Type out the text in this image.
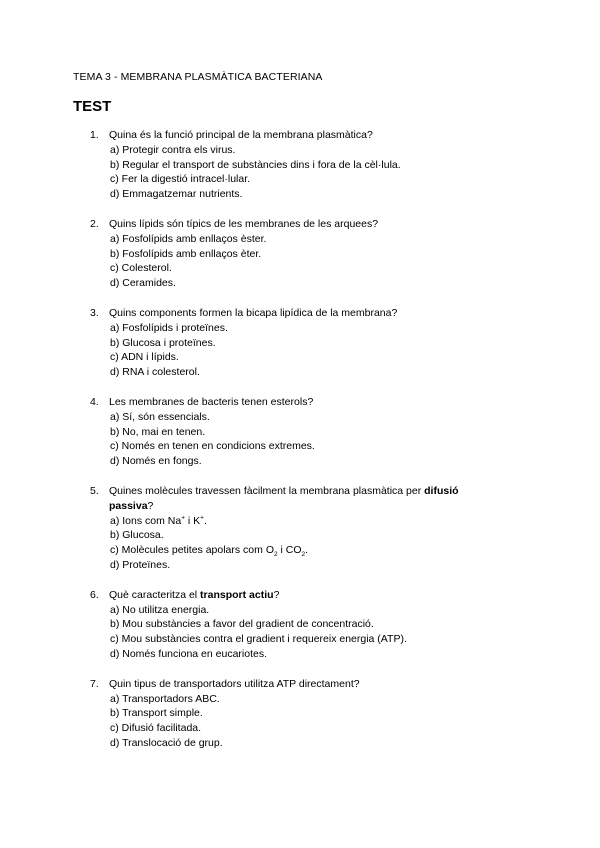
TEMA 3 - MEMBRANA PLASMÀTICA BACTERIANA
TEST
1. Quina és la funció principal de la membrana plasmàtica?
a) Protegir contra els virus.
b) Regular el transport de substàncies dins i fora de la cèl·lula.
c) Fer la digestió intracel·lular.
d) Emmagatzemar nutrients.
2. Quins lípids són típics de les membranes de les arquees?
a) Fosfolípids amb enllaços èster.
b) Fosfolípids amb enllaços èter.
c) Colesterol.
d) Ceramides.
3. Quins components formen la bicapa lipídica de la membrana?
a) Fosfolípids i proteïnes.
b) Glucosa i proteïnes.
c) ADN i lípids.
d) RNA i colesterol.
4. Les membranes de bacteris tenen esterols?
a) Sí, són essencials.
b) No, mai en tenen.
c) Només en tenen en condicions extremes.
d) Només en fongs.
5. Quines molècules travessen fàcilment la membrana plasmàtica per difusió passiva?
a) Ions com Na+ i K+.
b) Glucosa.
c) Molècules petites apolars com $O_2$ i $CO_2$.
d) Proteïnes.
6. Què caracteritza el transport actiu?
a) No utilitza energia.
b) Mou substàncies a favor del gradient de concentració.
c) Mou substàncies contra el gradient i requereix energia (ATP).
d) Només funciona en eucariotes.
7. Quin tipus de transportadors utilitza ATP directament?
a) Transportadors ABC.
b) Transport simple.
c) Difusió facilitada.
d) Translocació de grup.
